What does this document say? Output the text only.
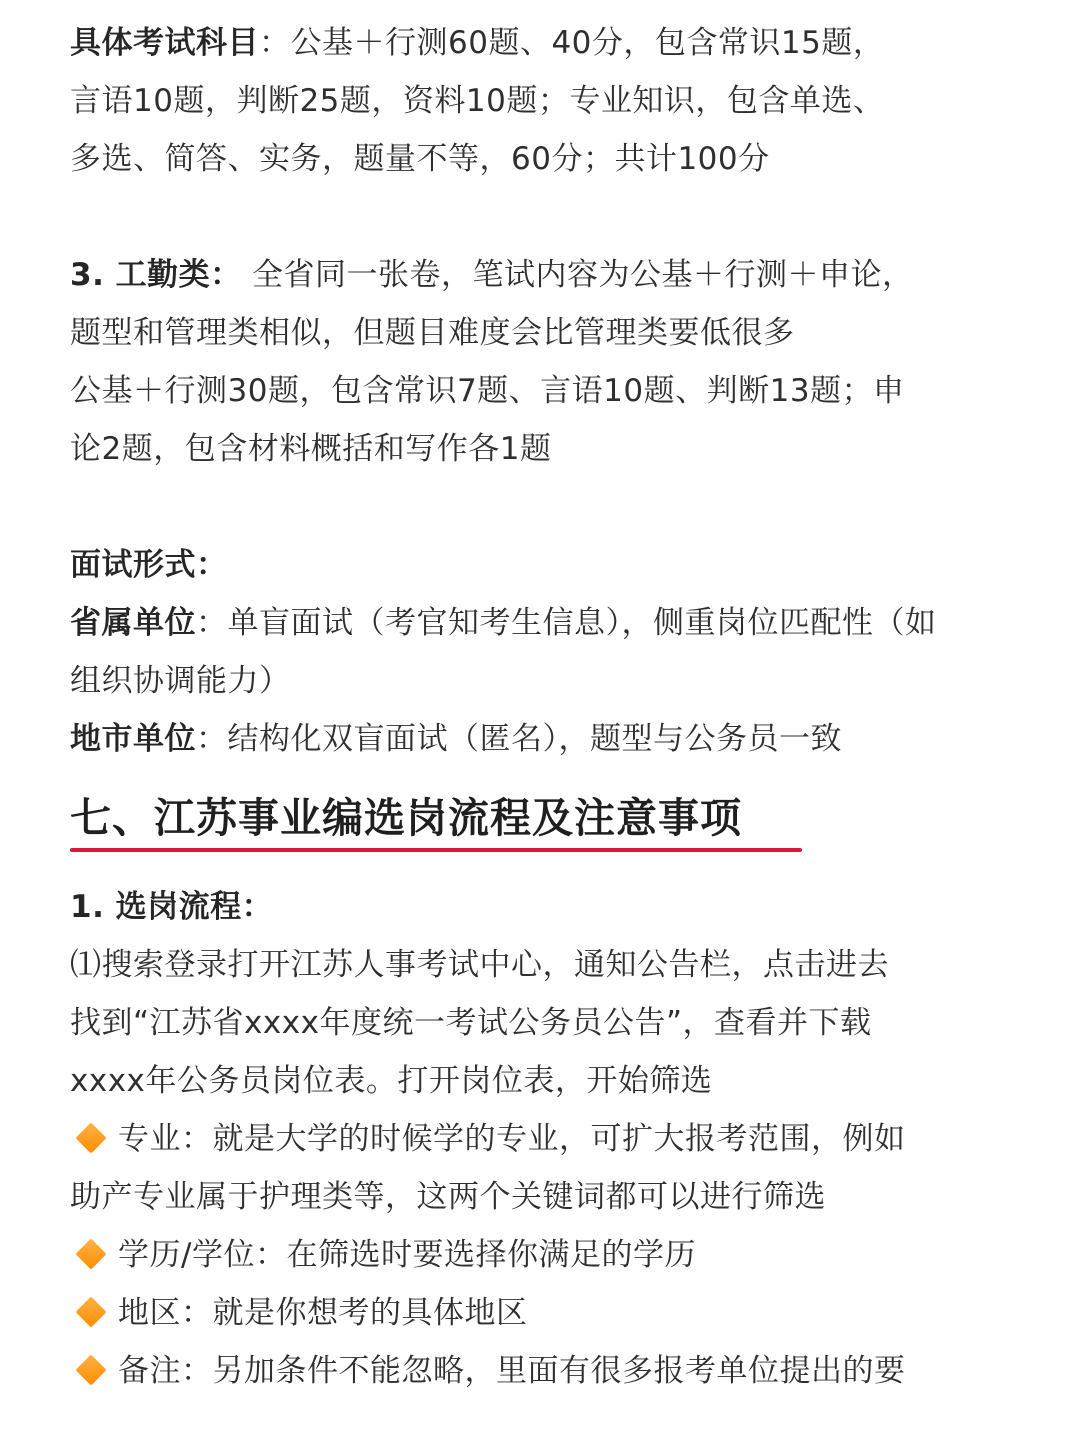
具体考试科目：公基＋行测60题、40分，包含常识15题，
言语10题，判断25题，资料10题；专业知识，包含单选、
多选、简答、实务，题量不等，60分；共计100分
3. 工勤类： 全省同一张卷，笔试内容为公基＋行测＋申论，
题型和管理类相似，但题目难度会比管理类要低很多
公基＋行测30题，包含常识7题、言语10题、判断13题；申
论2题，包含材料概括和写作各1题
面试形式：
省属单位：单盲面试（考官知考生信息），侧重岗位匹配性（如
组织协调能力）
地市单位：结构化双盲面试（匿名），题型与公务员一致
七、江苏事业编选岗流程及注意事项
1. 选岗流程：
⑴搜索登录打开江苏人事考试中心，通知公告栏，点击进去
找到“江苏省xxxx年度统一考试公务员公告”，查看并下载
xxxx年公务员岗位表。打开岗位表，开始筛选
专业：就是大学的时候学的专业，可扩大报考范围，例如
助产专业属于护理类等，这两个关键词都可以进行筛选
学历/学位：在筛选时要选择你满足的学历
地区：就是你想考的具体地区
备注：另加条件不能忽略，里面有很多报考单位提出的要
